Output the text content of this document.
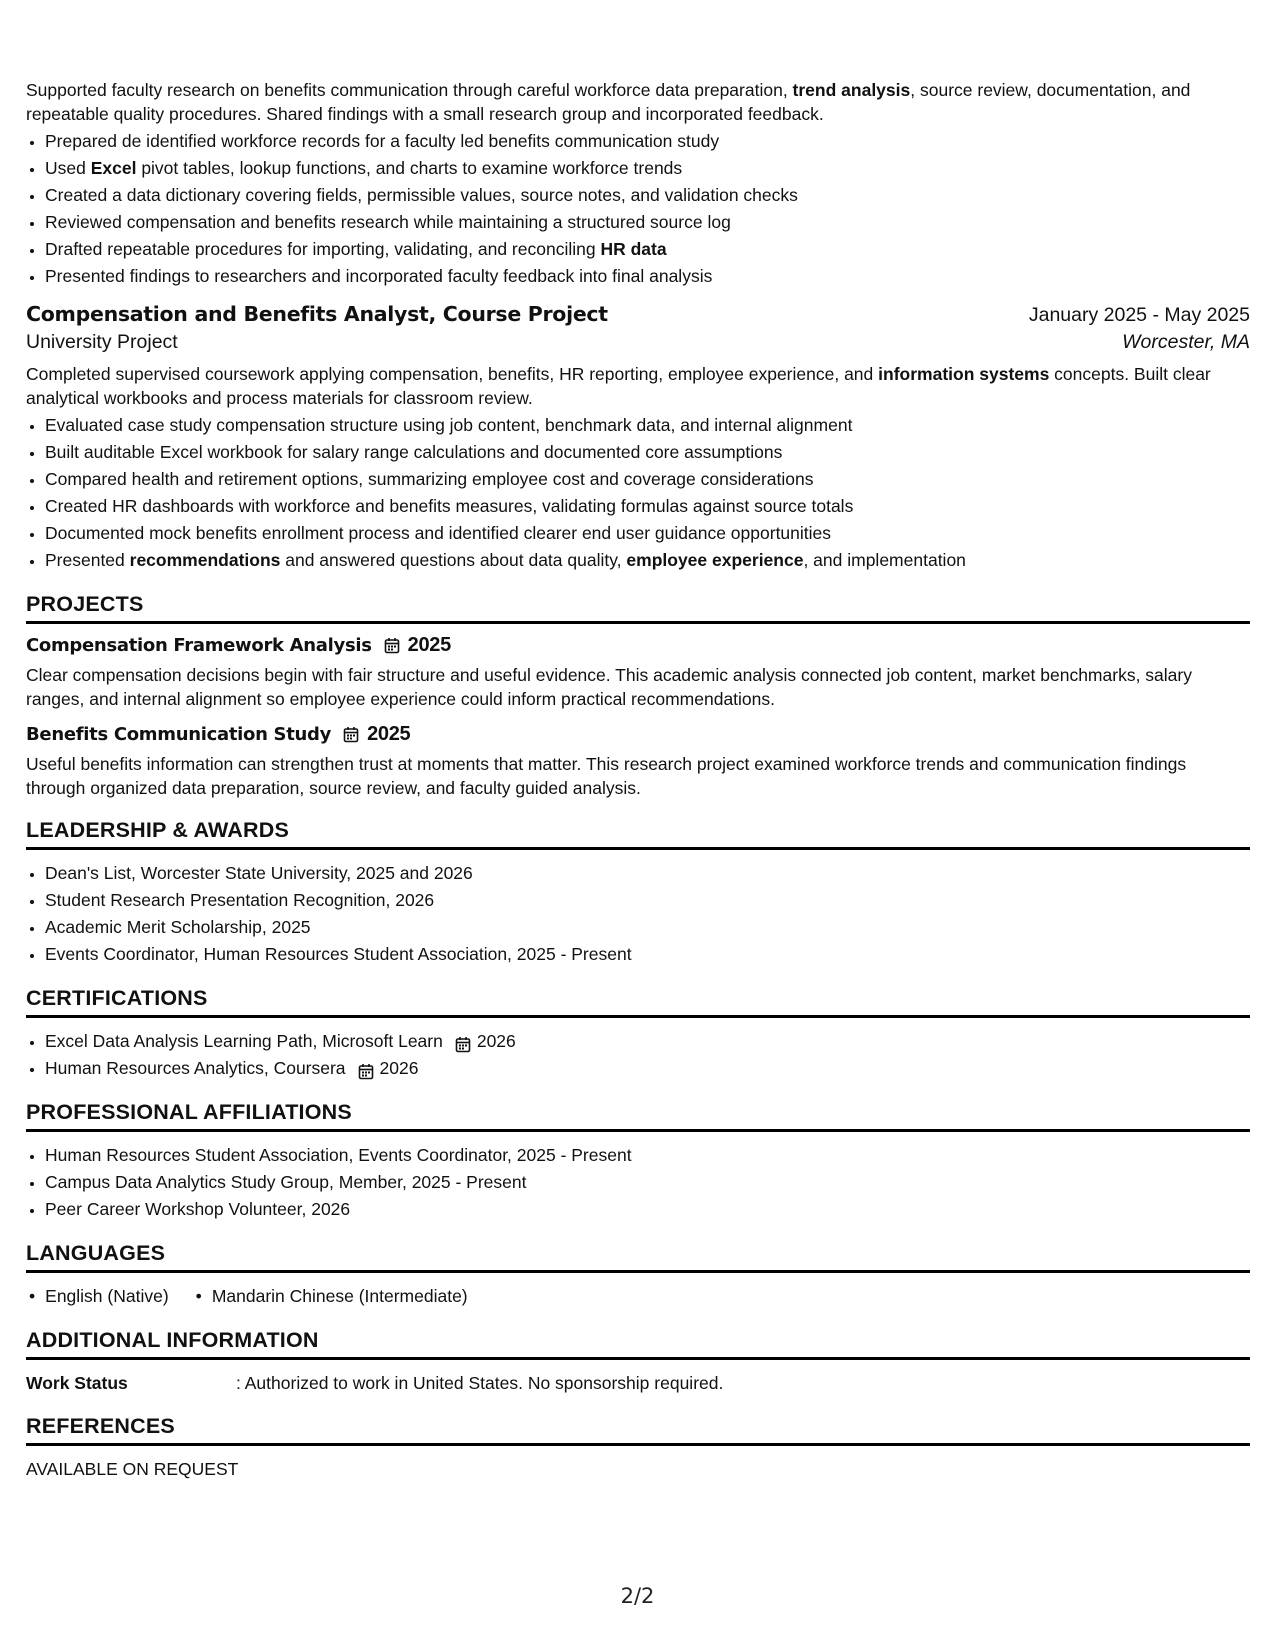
Supported faculty research on benefits communication through careful workforce data preparation, trend analysis, source review, documentation, and repeatable quality procedures. Shared findings with a small research group and incorporated feedback.
• Prepared de identified workforce records for a faculty led benefits communication study
• Used Excel pivot tables, lookup functions, and charts to examine workforce trends
• Created a data dictionary covering fields, permissible values, source notes, and validation checks
• Reviewed compensation and benefits research while maintaining a structured source log
• Drafted repeatable procedures for importing, validating, and reconciling HR data
• Presented findings to researchers and incorporated faculty feedback into final analysis
Compensation and Benefits Analyst, Course Project	January 2025 - May 2025
University Project	Worcester, MA
Completed supervised coursework applying compensation, benefits, HR reporting, employee experience, and information systems concepts. Built clear analytical workbooks and process materials for classroom review.
• Evaluated case study compensation structure using job content, benchmark data, and internal alignment
• Built auditable Excel workbook for salary range calculations and documented core assumptions
• Compared health and retirement options, summarizing employee cost and coverage considerations
• Created HR dashboards with workforce and benefits measures, validating formulas against source totals
• Documented mock benefits enrollment process and identified clearer end user guidance opportunities
• Presented recommendations and answered questions about data quality, employee experience, and implementation
PROJECTS
Compensation Framework Analysis 2025
Clear compensation decisions begin with fair structure and useful evidence. This academic analysis connected job content, market benchmarks, salary ranges, and internal alignment so employee experience could inform practical recommendations.
Benefits Communication Study 2025
Useful benefits information can strengthen trust at moments that matter. This research project examined workforce trends and communication findings through organized data preparation, source review, and faculty guided analysis.
LEADERSHIP & AWARDS
• Dean's List, Worcester State University, 2025 and 2026
• Student Research Presentation Recognition, 2026
• Academic Merit Scholarship, 2025
• Events Coordinator, Human Resources Student Association, 2025 - Present
CERTIFICATIONS
• Excel Data Analysis Learning Path, Microsoft Learn 2026
• Human Resources Analytics, Coursera 2026
PROFESSIONAL AFFILIATIONS
• Human Resources Student Association, Events Coordinator, 2025 - Present
• Campus Data Analytics Study Group, Member, 2025 - Present
• Peer Career Workshop Volunteer, 2026
LANGUAGES
• English (Native)
•	Mandarin Chinese (Intermediate)
ADDITIONAL INFORMATION
Work Status	: Authorized to work in United States. No sponsorship required.
REFERENCES
AVAILABLE ON REQUEST
2/2
